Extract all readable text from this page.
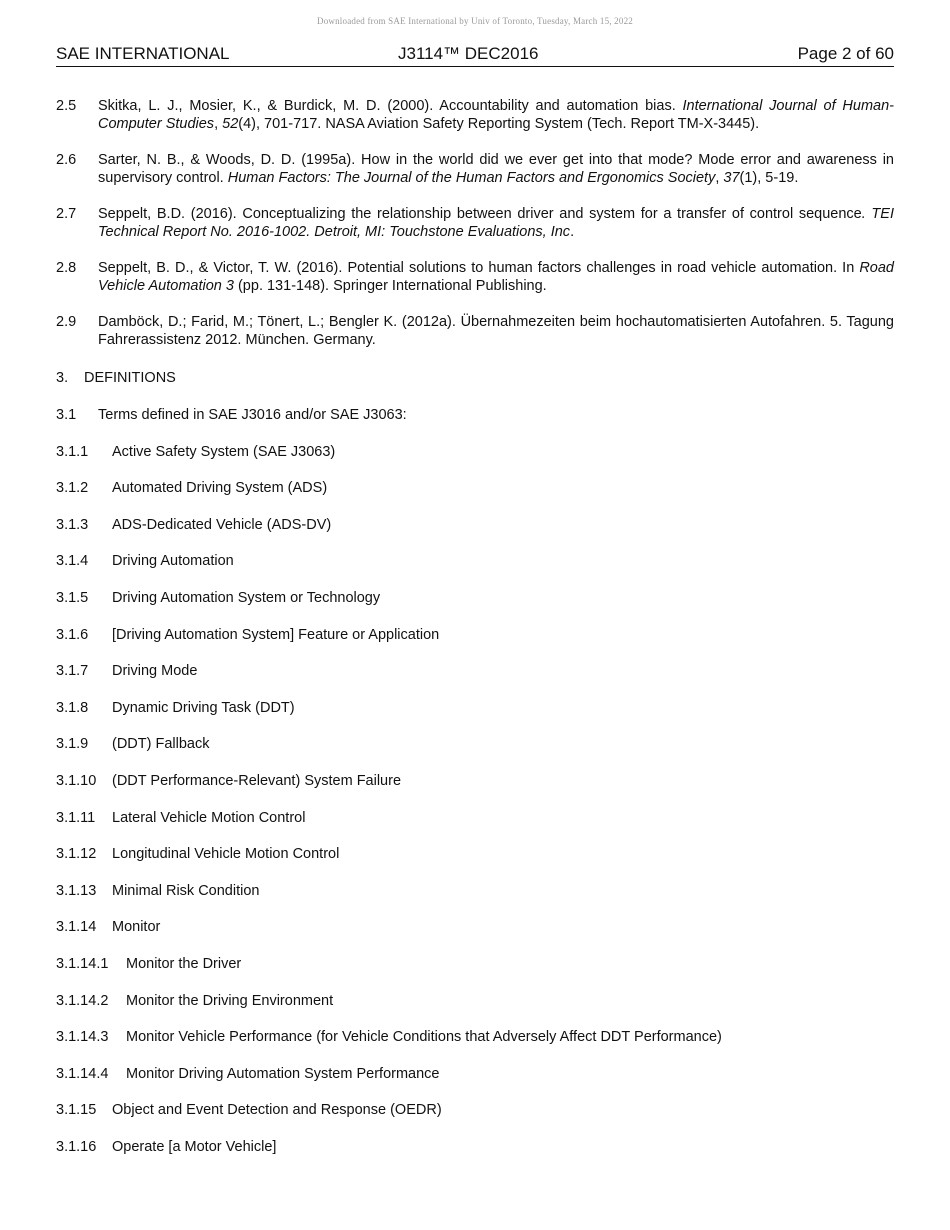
Downloaded from SAE International by Univ of Toronto, Tuesday, March 15, 2022
SAE INTERNATIONAL	J3114™ DEC2016	Page 2 of 60
2.5 Skitka, L. J., Mosier, K., & Burdick, M. D. (2000). Accountability and automation bias. International Journal of Human-Computer Studies, 52(4), 701-717. NASA Aviation Safety Reporting System (Tech. Report TM-X-3445).
2.6 Sarter, N. B., & Woods, D. D. (1995a). How in the world did we ever get into that mode? Mode error and awareness in supervisory control. Human Factors: The Journal of the Human Factors and Ergonomics Society, 37(1), 5-19.
2.7 Seppelt, B.D. (2016). Conceptualizing the relationship between driver and system for a transfer of control sequence. TEI Technical Report No. 2016-1002. Detroit, MI: Touchstone Evaluations, Inc.
2.8 Seppelt, B. D., & Victor, T. W. (2016). Potential solutions to human factors challenges in road vehicle automation. In Road Vehicle Automation 3 (pp. 131-148). Springer International Publishing.
2.9 Damböck, D.; Farid, M.; Tönert, L.; Bengler K. (2012a). Übernahmezeiten beim hochautomatisierten Autofahren. 5. Tagung Fahrerassistenz 2012. München. Germany.
3. DEFINITIONS
3.1 Terms defined in SAE J3016 and/or SAE J3063:
3.1.1 Active Safety System (SAE J3063)
3.1.2 Automated Driving System (ADS)
3.1.3 ADS-Dedicated Vehicle (ADS-DV)
3.1.4 Driving Automation
3.1.5 Driving Automation System or Technology
3.1.6 [Driving Automation System] Feature or Application
3.1.7 Driving Mode
3.1.8 Dynamic Driving Task (DDT)
3.1.9 (DDT) Fallback
3.1.10 (DDT Performance-Relevant) System Failure
3.1.11 Lateral Vehicle Motion Control
3.1.12 Longitudinal Vehicle Motion Control
3.1.13 Minimal Risk Condition
3.1.14 Monitor
3.1.14.1 Monitor the Driver
3.1.14.2 Monitor the Driving Environment
3.1.14.3 Monitor Vehicle Performance (for Vehicle Conditions that Adversely Affect DDT Performance)
3.1.14.4 Monitor Driving Automation System Performance
3.1.15 Object and Event Detection and Response (OEDR)
3.1.16 Operate [a Motor Vehicle]
